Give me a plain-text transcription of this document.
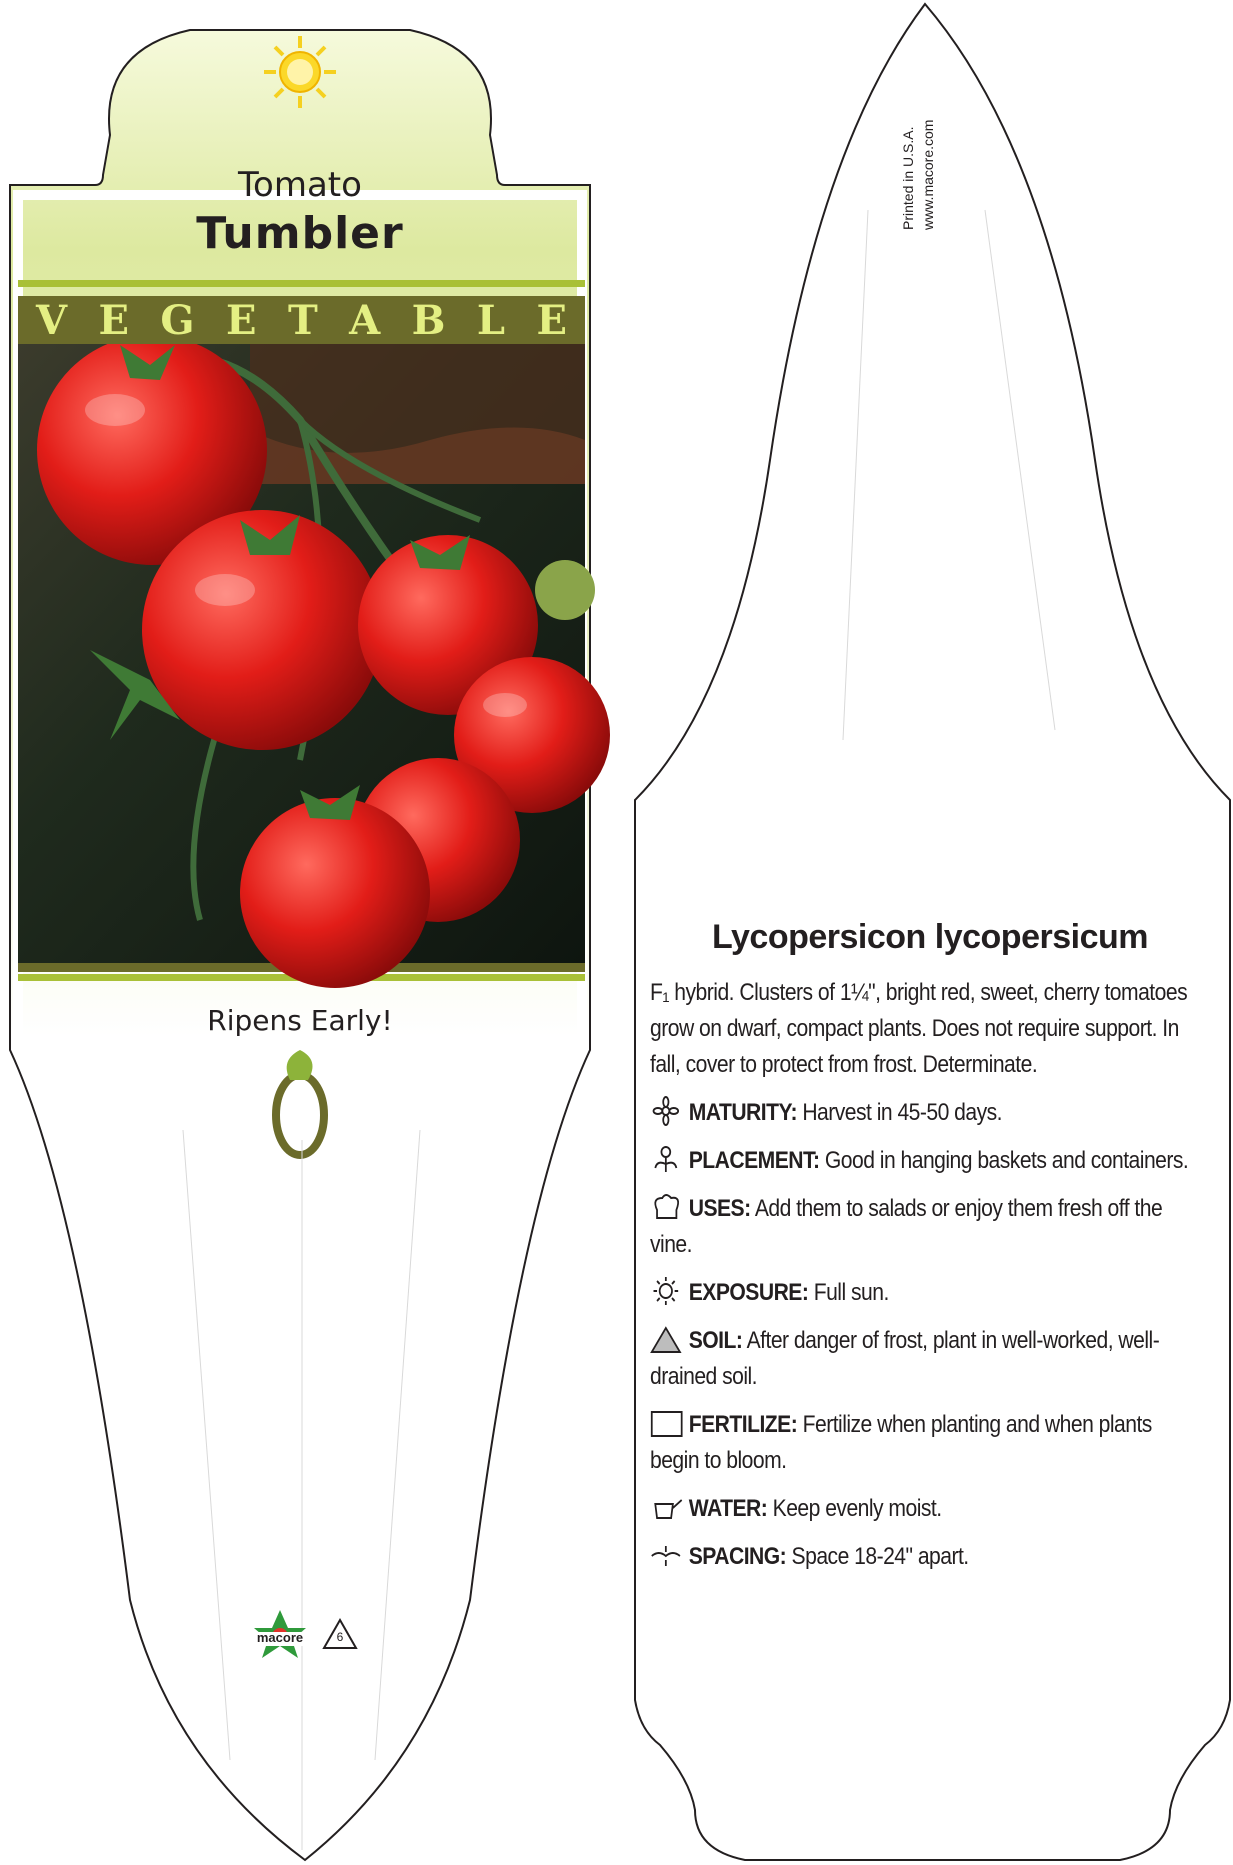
Tomato
Tumbler
V E G E T A B L E
Ripens Early!
macore	6
Printed in U.S.A. www.macore.com
Lycopersicon lycopersicum
F₁ hybrid. Clusters of 1¼", bright red, sweet, cherry tomatoes grow on dwarf, compact plants. Does not require support. In fall, cover to protect from frost. Determinate.
MATURITY: Harvest in 45-50 days.
PLACEMENT: Good in hanging baskets and containers.
USES: Add them to salads or enjoy them fresh off the vine.
EXPOSURE: Full sun.
SOIL: After danger of frost, plant in well-worked, well-drained soil.
FERTILIZE: Fertilize when planting and when plants begin to bloom.
WATER: Keep evenly moist.
SPACING: Space 18-24" apart.
